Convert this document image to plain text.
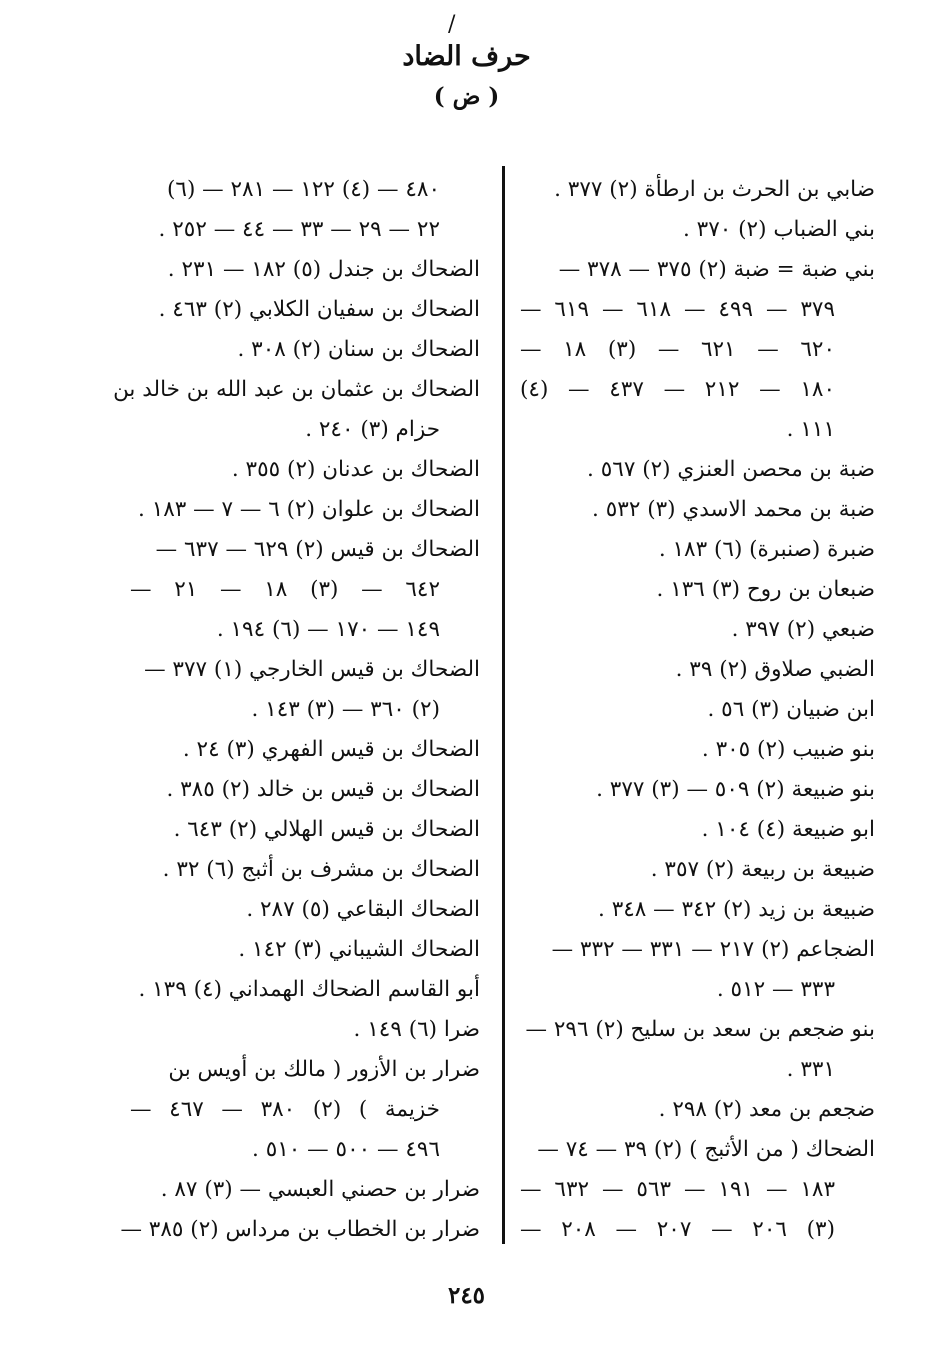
/
حرف الضاد
( ض )
ضابي بن الحرث بن ارطأة (٢) ٣٧٧ .
بني الضباب (٢) ٣٧٠ .
بني ضبة = ضبة (٢) ٣٧٥ — ٣٧٨ —
٣٧٩ — ٤٩٩ — ٦١٨ — ٦١٩ —
٦٢٠ — ٦٢١ — (٣) ١٨ —
١٨٠ — ٢١٢ — ٤٣٧ — (٤)
١١١ .
ضبة بن محصن العنزي (٢) ٥٦٧ .
ضبة بن محمد الاسدي (٣) ٥٣٢ .
ضبرة (صنبرة) (٦) ١٨٣ .
ضبعان بن روح (٣) ١٣٦ .
ضبعي (٢) ٣٩٧ .
الضبي صلاوق (٢) ٣٩ .
ابن ضبيان (٣) ٥٦ .
بنو ضبيب (٢) ٣٠٥ .
بنو ضبيعة (٢) ٥٠٩ — (٣) ٣٧٧ .
ابو ضبيعة (٤) ١٠٤ .
ضبيعة بن ربيعة (٢) ٣٥٧ .
ضبيعة بن زيد (٢) ٣٤٢ — ٣٤٨ .
الضجاعم (٢) ٢١٧ — ٣٣١ — ٣٣٢ —
٣٣٣ — ٥١٢ .
بنو ضجعم بن سعد بن سليح (٢) ٢٩٦ —
٣٣١ .
ضجعم بن معد (٢) ٢٩٨ .
الضحاك ( من الأثبج ) (٢) ٣٩ — ٧٤ —
١٨٣ — ١٩١ — ٥٦٣ — ٦٣٢ —
(٣) ٢٠٦ — ٢٠٧ — ٢٠٨ —
٤٨٠ — (٤) ١٢٢ — ٢٨١ — (٦)
٢٢ — ٢٩ — ٣٣ — ٤٤ — ٢٥٢ .
الضحاك بن جندل (٥) ١٨٢ — ٢٣١ .
الضحاك بن سفيان الكلابي (٢) ٤٦٣ .
الضحاك بن سنان (٢) ٣٠٨ .
الضحاك بن عثمان بن عبد الله بن خالد بن
حزام (٣) ٢٤٠ .
الضحاك بن عدنان (٢) ٣٥٥ .
الضحاك بن علوان (٢) ٦ — ٧ — ١٨٣ .
الضحاك بن قيس (٢) ٦٢٩ — ٦٣٧ —
٦٤٢ — (٣) ١٨ — ٢١ —
١٤٩ — ١٧٠ — (٦) ١٩٤ .
الضحاك بن قيس الخارجي (١) ٣٧٧ —
(٢) ٣٦٠ — (٣) ١٤٣ .
الضحاك بن قيس الفهري (٣) ٢٤ .
الضحاك بن قيس بن خالد (٢) ٣٨٥ .
الضحاك بن قيس الهلالي (٢) ٦٤٣ .
الضحاك بن مشرف بن أثبج (٦) ٣٢ .
الضحاك البقاعي (٥) ٢٨٧ .
الضحاك الشيباني (٣) ١٤٢ .
أبو القاسم الضحاك الهمداني (٤) ١٣٩ .
ضرا (٦) ١٤٩ .
ضرار بن الأزور ( مالك بن أويس بن
خزيمة ) (٢) ٣٨٠ — ٤٦٧ —
٤٩٦ — ٥٠٠ — ٥١٠ .
ضرار بن حصني العبسي — (٣) ٨٧ .
ضرار بن الخطاب بن مرداس (٢) ٣٨٥ —
٢٤٥
